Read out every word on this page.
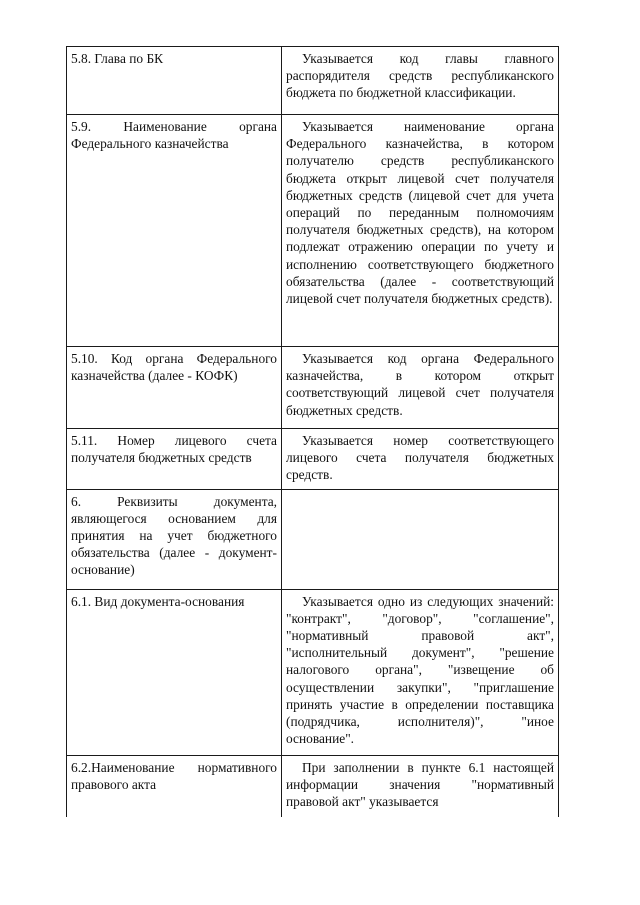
5.8. Глава по БК	Указывается код главы главного распорядителя средств республиканского бюджета по бюджетной классификации.
5.9. Наименование органа Федерального казначейства	Указывается наименование органа Федерального казначейства, в котором получателю средств республиканского бюджета открыт лицевой счет получателя бюджетных средств (лицевой счет для учета операций по переданным полномочиям получателя бюджетных средств), на котором подлежат отражению операции по учету и исполнению соответствующего бюджетного обязательства (далее - соответствующий лицевой счет получателя бюджетных средств).
5.10. Код органа Федерального казначейства (далее - КОФК)	Указывается код органа Федерального казначейства, в котором открыт соответствующий лицевой счет получателя бюджетных средств.
5.11. Номер лицевого счета получателя бюджетных средств	Указывается номер соответствующего лицевого счета получателя бюджетных средств.
6. Реквизиты документа, являющегося основанием для принятия на учет бюджетного обязательства (далее - документ-основание)	
6.1. Вид документа-основания	Указывается одно из следующих значений: "контракт", "договор", "соглашение", "нормативный правовой акт", "исполнительный документ", "решение налогового органа", "извещение об осуществлении закупки", "приглашение принять участие в определении поставщика (подрядчика, исполнителя)", "иное основание".
6.2.Наименование нормативного правового акта	При заполнении в пункте 6.1 настоящей информации значения "нормативный правовой акт" указывается
